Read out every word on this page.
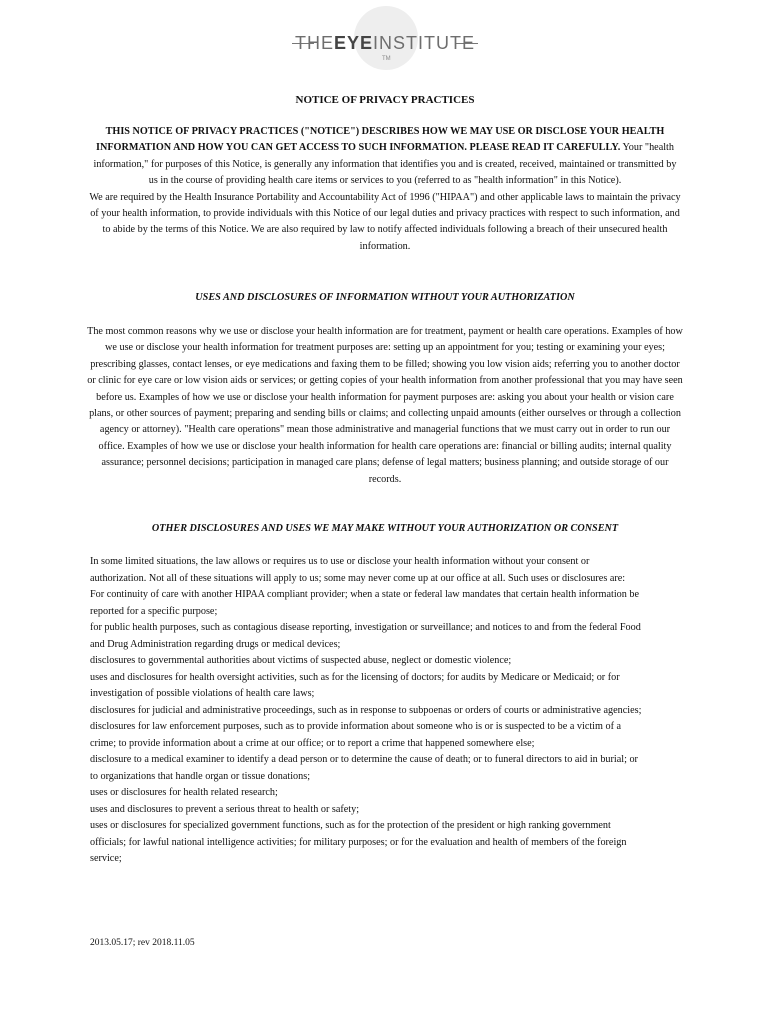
THEEYEINSTITUTE
TM
NOTICE OF PRIVACY PRACTICES
THIS NOTICE OF PRIVACY PRACTICES ("NOTICE") DESCRIBES HOW WE MAY USE OR DISCLOSE YOUR HEALTH INFORMATION AND HOW YOU CAN GET ACCESS TO SUCH INFORMATION. PLEASE READ IT CAREFULLY. Your "health information," for purposes of this Notice, is generally any information that identifies you and is created, received, maintained or transmitted by us in the course of providing health care items or services to you (referred to as "health information" in this Notice).
We are required by the Health Insurance Portability and Accountability Act of 1996 ("HIPAA") and other applicable laws to maintain the privacy of your health information, to provide individuals with this Notice of our legal duties and privacy practices with respect to such information, and to abide by the terms of this Notice. We are also required by law to notify affected individuals following a breach of their unsecured health information.
USES AND DISCLOSURES OF INFORMATION WITHOUT YOUR AUTHORIZATION
The most common reasons why we use or disclose your health information are for treatment, payment or health care operations. Examples of how we use or disclose your health information for treatment purposes are: setting up an appointment for you; testing or examining your eyes; prescribing glasses, contact lenses, or eye medications and faxing them to be filled; showing you low vision aids; referring you to another doctor or clinic for eye care or low vision aids or services; or getting copies of your health information from another professional that you may have seen before us. Examples of how we use or disclose your health information for payment purposes are: asking you about your health or vision care plans, or other sources of payment; preparing and sending bills or claims; and collecting unpaid amounts (either ourselves or through a collection agency or attorney). "Health care operations" mean those administrative and managerial functions that we must carry out in order to run our office. Examples of how we use or disclose your health information for health care operations are: financial or billing audits; internal quality assurance; personnel decisions; participation in managed care plans; defense of legal matters; business planning; and outside storage of our records.
OTHER DISCLOSURES AND USES WE MAY MAKE WITHOUT YOUR AUTHORIZATION OR CONSENT

In some limited situations, the law allows or requires us to use or disclose your health information without your consent or authorization. Not all of these situations will apply to us; some may never come up at our office at all. Such uses or disclosures are:

For continuity of care with another HIPAA compliant provider; when a state or federal law mandates that certain health information be reported for a specific purpose;

for public health purposes, such as contagious disease reporting, investigation or surveillance; and notices to and from the federal Food and Drug Administration regarding drugs or medical devices;

disclosures to governmental authorities about victims of suspected abuse, neglect or domestic violence;

uses and disclosures for health oversight activities, such as for the licensing of doctors; for audits by Medicare or Medicaid; or for investigation of possible violations of health care laws;

disclosures for judicial and administrative proceedings, such as in response to subpoenas or orders of courts or administrative agencies;

disclosures for law enforcement purposes, such as to provide information about someone who is or is suspected to be a victim of a crime; to provide information about a crime at our office; or to report a crime that happened somewhere else;

disclosure to a medical examiner to identify a dead person or to determine the cause of death; or to funeral directors to aid in burial; or to organizations that handle organ or tissue donations;

uses or disclosures for health related research;

uses and disclosures to prevent a serious threat to health or safety;

uses or disclosures for specialized government functions, such as for the protection of the president or high ranking government officials; for lawful national intelligence activities; for military purposes; or for the evaluation and health of members of the foreign service;

2013.05.17; rev 2018.11.05
